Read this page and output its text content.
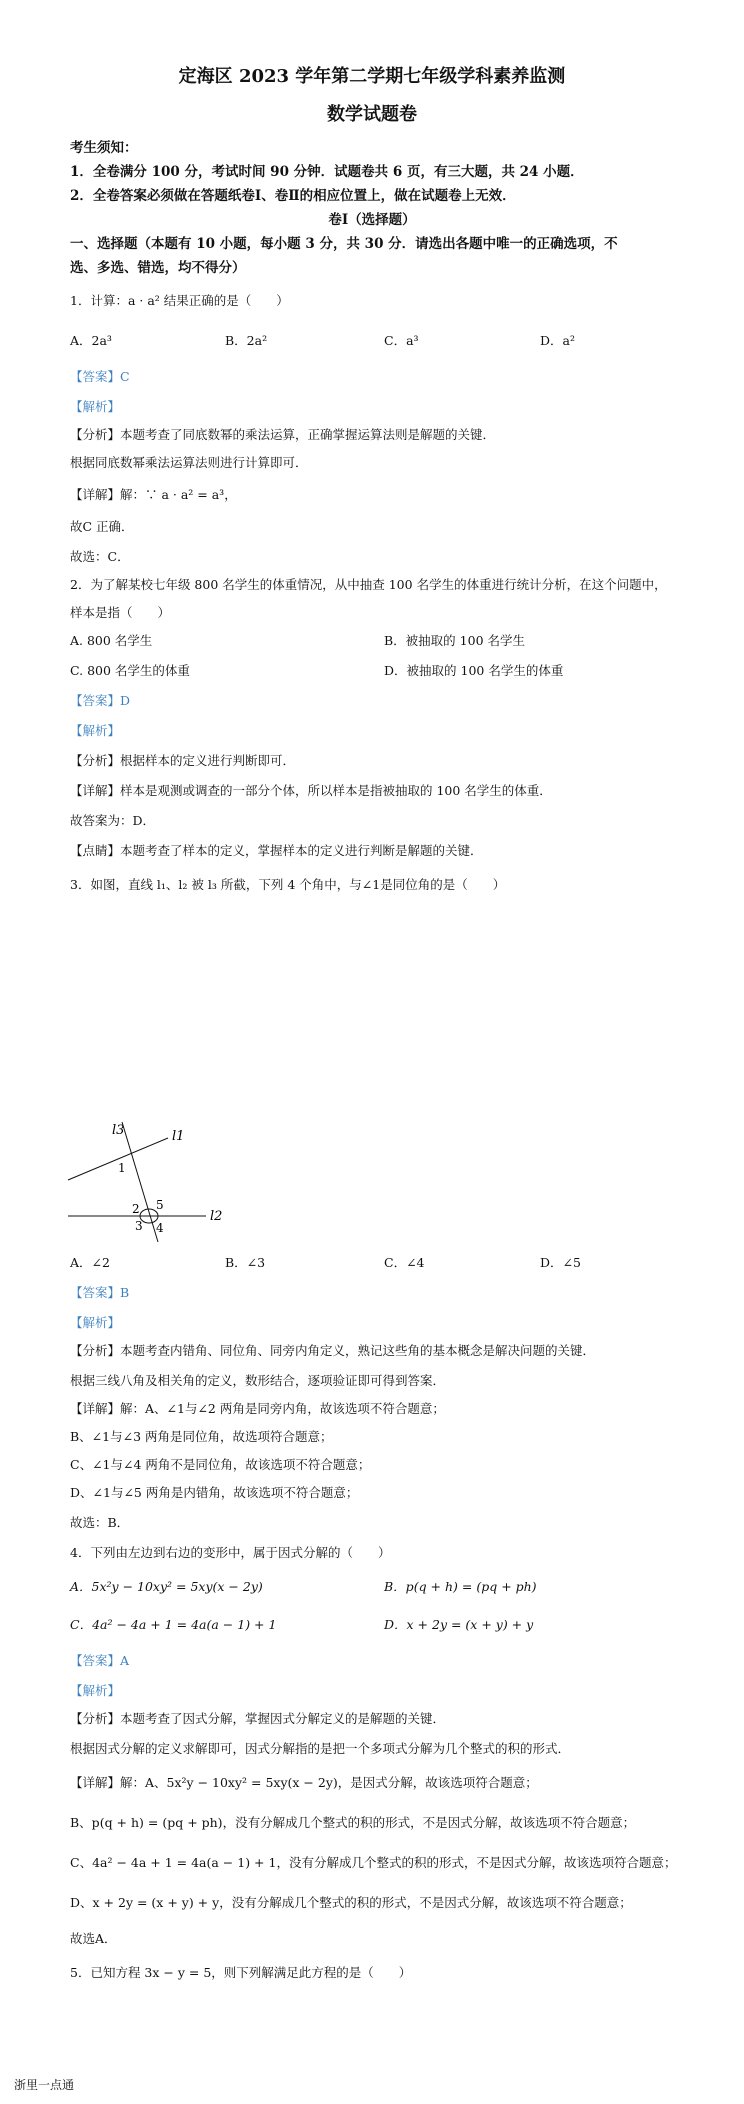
定海区 2023 学年第二学期七年级学科素养监测
数学试题卷
考生须知：
1．全卷满分 100 分，考试时间 90 分钟．试题卷共 6 页，有三大题，共 24 小题．
2．全卷答案必须做在答题纸卷Ⅰ、卷Ⅱ的相应位置上，做在试题卷上无效．
卷Ⅰ（选择题）
一、选择题（本题有 10 小题，每小题 3 分，共 30 分．请选出各题中唯一的正确选项，不
选、多选、错选，均不得分）
1．计算：a · a² 结果正确的是（　　）
A．2a³	B．2a²	C．a³	D．a²
【答案】C
【解析】
【分析】本题考查了同底数幂的乘法运算，正确掌握运算法则是解题的关键．
根据同底数幂乘法运算法则进行计算即可．
【详解】解：∵ a · a² = a³，
故C 正确．
故选：C．
2．为了解某校七年级 800 名学生的体重情况，从中抽查 100 名学生的体重进行统计分析，在这个问题中，
样本是指（　　）
A. 800 名学生	B．被抽取的 100 名学生
C. 800 名学生的体重	D．被抽取的 100 名学生的体重
【答案】D
【解析】
【分析】根据样本的定义进行判断即可．
【详解】样本是观测或调查的一部分个体，所以样本是指被抽取的 100 名学生的体重．
故答案为：D．
【点睛】本题考查了样本的定义，掌握样本的定义进行判断是解题的关键．
3．如图，直线 l₁、l₂ 被 l₃ 所截，下列 4 个角中，与∠1是同位角的是（　　）
l3	l1
1
2 5
3 4
l2
A．∠2	B．∠3	C．∠4	D．∠5
【答案】B
【解析】
【分析】本题考查内错角、同位角、同旁内角定义，熟记这些角的基本概念是解决问题的关键．
根据三线八角及相关角的定义，数形结合，逐项验证即可得到答案．
【详解】解：A、∠1与∠2 两角是同旁内角，故该选项不符合题意；
B、∠1与∠3 两角是同位角，故选项符合题意；
C、∠1与∠4 两角不是同位角，故该选项不符合题意；
D、∠1与∠5 两角是内错角，故该选项不符合题意；
故选：B．
4．下列由左边到右边的变形中，属于因式分解的（　　）
A．5x²y − 10xy² = 5xy(x − 2y)	B．p(q + h) = (pq + ph)
C．4a² − 4a + 1 = 4a(a − 1) + 1	D．x + 2y = (x + y) + y
【答案】A
【解析】
【分析】本题考查了因式分解，掌握因式分解定义的是解题的关键．
根据因式分解的定义求解即可，因式分解指的是把一个多项式分解为几个整式的积的形式．
【详解】解：A、5x²y − 10xy² = 5xy(x − 2y)，是因式分解，故该选项符合题意；
B、p(q + h) = (pq + ph)，没有分解成几个整式的积的形式，不是因式分解，故该选项不符合题意；
C、4a² − 4a + 1 = 4a(a − 1) + 1，没有分解成几个整式的积的形式，不是因式分解，故该选项符合题意；
D、x + 2y = (x + y) + y，没有分解成几个整式的积的形式，不是因式分解，故该选项不符合题意；
故选A．
5．已知方程 3x − y = 5，则下列解满足此方程的是（　　）
浙里一点通
